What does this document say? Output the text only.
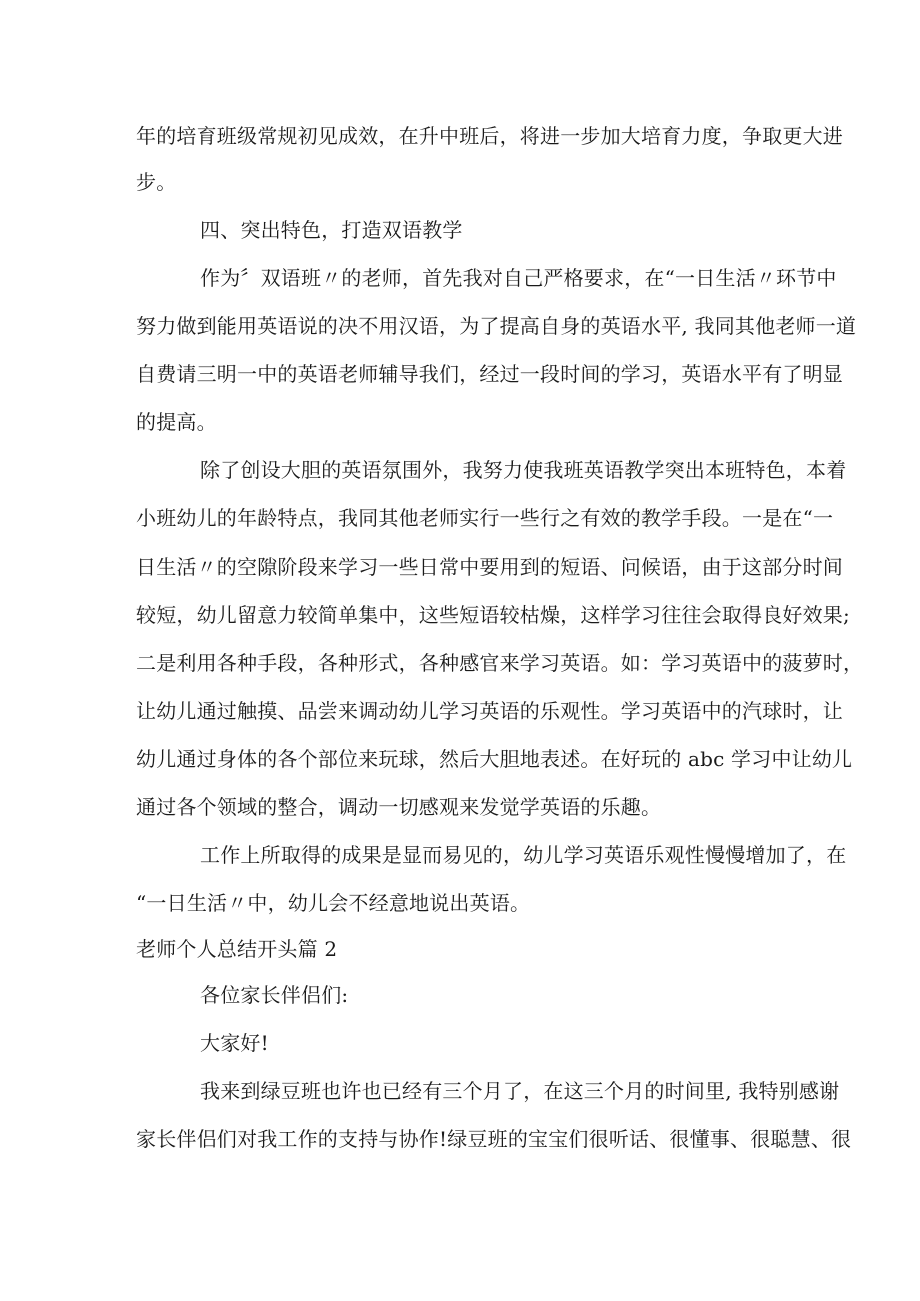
年的培育班级常规初见成效，在升中班后，将进一步加大培育力度，争取更大进
步。
四、突出特色，打造双语教学
作为〞双语班〃的老师，首先我对自己严格要求，在“一日生活〃环节中
努力做到能用英语说的决不用汉语，为了提高自身的英语水平, 我同其他老师一道
自费请三明一中的英语老师辅导我们，经过一段时间的学习，英语水平有了明显
的提高。
除了创设大胆的英语氛围外，我努力使我班英语教学突出本班特色，本着
小班幼儿的年龄特点，我同其他老师实行一些行之有效的教学手段。一是在“一
日生活〃的空隙阶段来学习一些日常中要用到的短语、问候语，由于这部分时间
较短，幼儿留意力较简单集中，这些短语较枯燥，这样学习往往会取得良好效果;
二是利用各种手段，各种形式，各种感官来学习英语。如：学习英语中的菠萝时，
让幼儿通过触摸、品尝来调动幼儿学习英语的乐观性。学习英语中的汽球时，让
幼儿通过身体的各个部位来玩球，然后大胆地表述。在好玩的 abc 学习中让幼儿
通过各个领域的整合，调动一切感观来发觉学英语的乐趣。
工作上所取得的成果是显而易见的，幼儿学习英语乐观性慢慢增加了，在
“一日生活〃中，幼儿会不经意地说出英语。
老师个人总结开头篇 2
各位家长伴侣们:
大家好!
我来到绿豆班也许也已经有三个月了，在这三个月的时间里, 我特别感谢
家长伴侣们对我工作的支持与协作!绿豆班的宝宝们很听话、很懂事、很聪慧、很
